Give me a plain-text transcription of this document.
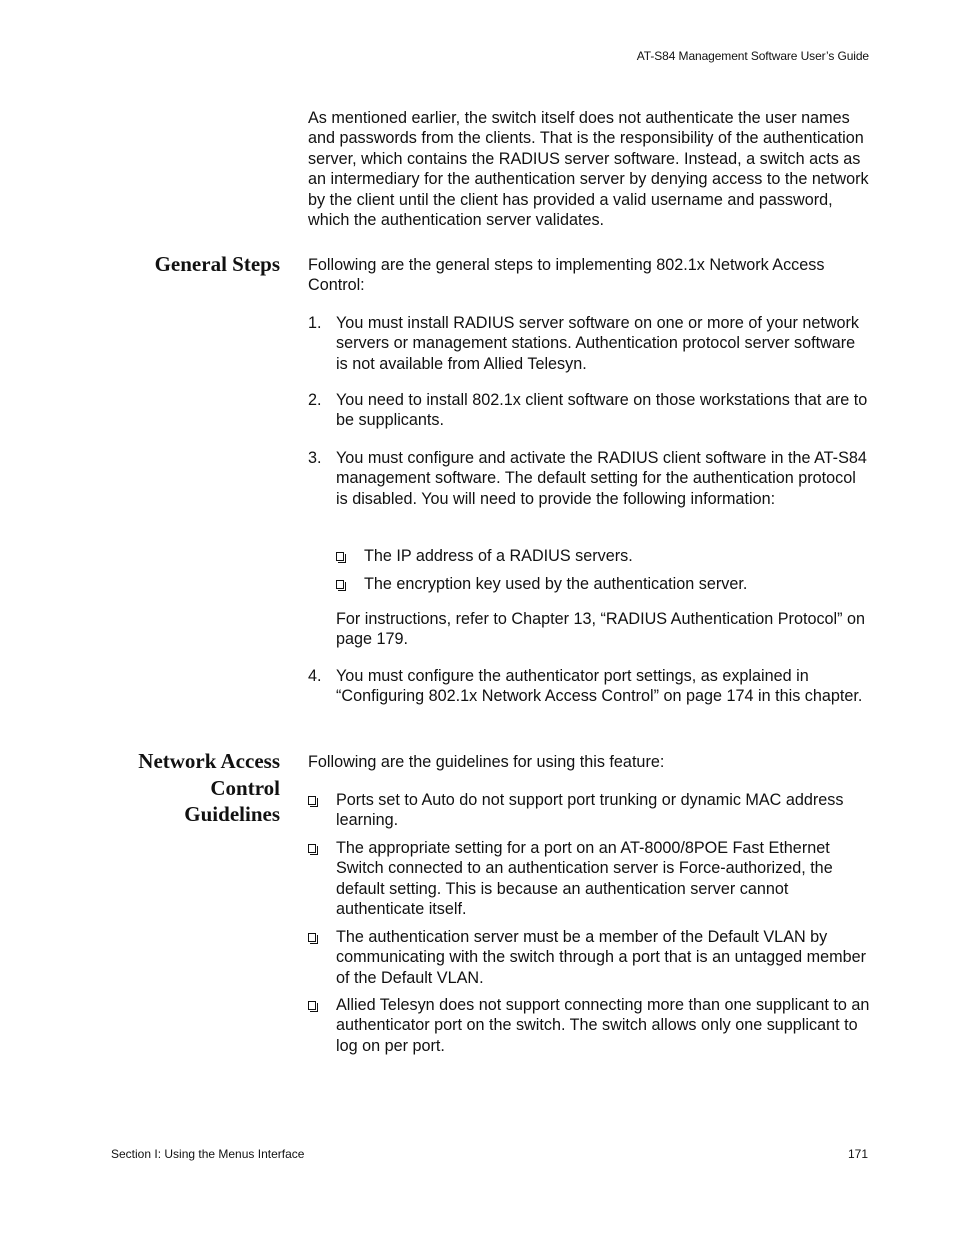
AT-S84 Management Software User’s Guide

As mentioned earlier, the switch itself does not authenticate the user names and passwords from the clients. That is the responsibility of the authentication server, which contains the RADIUS server software. Instead, a switch acts as an intermediary for the authentication server by denying access to the network by the client until the client has provided a valid username and password, which the authentication server validates.

General Steps Following are the general steps to implementing 802.1x Network Access Control:

1. You must install RADIUS server software on one or more of your network servers or management stations. Authentication protocol server software is not available from Allied Telesyn.
2. You need to install 802.1x client software on those workstations that are to be supplicants.
3. You must configure and activate the RADIUS client software in the AT-S84 management software. The default setting for the authentication protocol is disabled. You will need to provide the following information:
The IP address of a RADIUS servers.
The encryption key used by the authentication server.

For instructions, refer to Chapter 13, “RADIUS Authentication Protocol” on page 179.

4. You must configure the authenticator port settings, as explained in “Configuring 802.1x Network Access Control” on page 174 in this chapter.
Network Access
Control
Guidelines

Following are the guidelines for using this feature:

Ports set to Auto do not support port trunking or dynamic MAC address learning.
The appropriate setting for a port on an AT-8000/8POE Fast Ethernet Switch connected to an authentication server is Force-authorized, the default setting. This is because an authentication server cannot authenticate itself.
The authentication server must be a member of the Default VLAN by communicating with the switch through a port that is an untagged member of the Default VLAN.
Allied Telesyn does not support connecting more than one supplicant to an authenticator port on the switch. The switch allows only one supplicant to log on per port.
Section I: Using the Menus Interface	171
